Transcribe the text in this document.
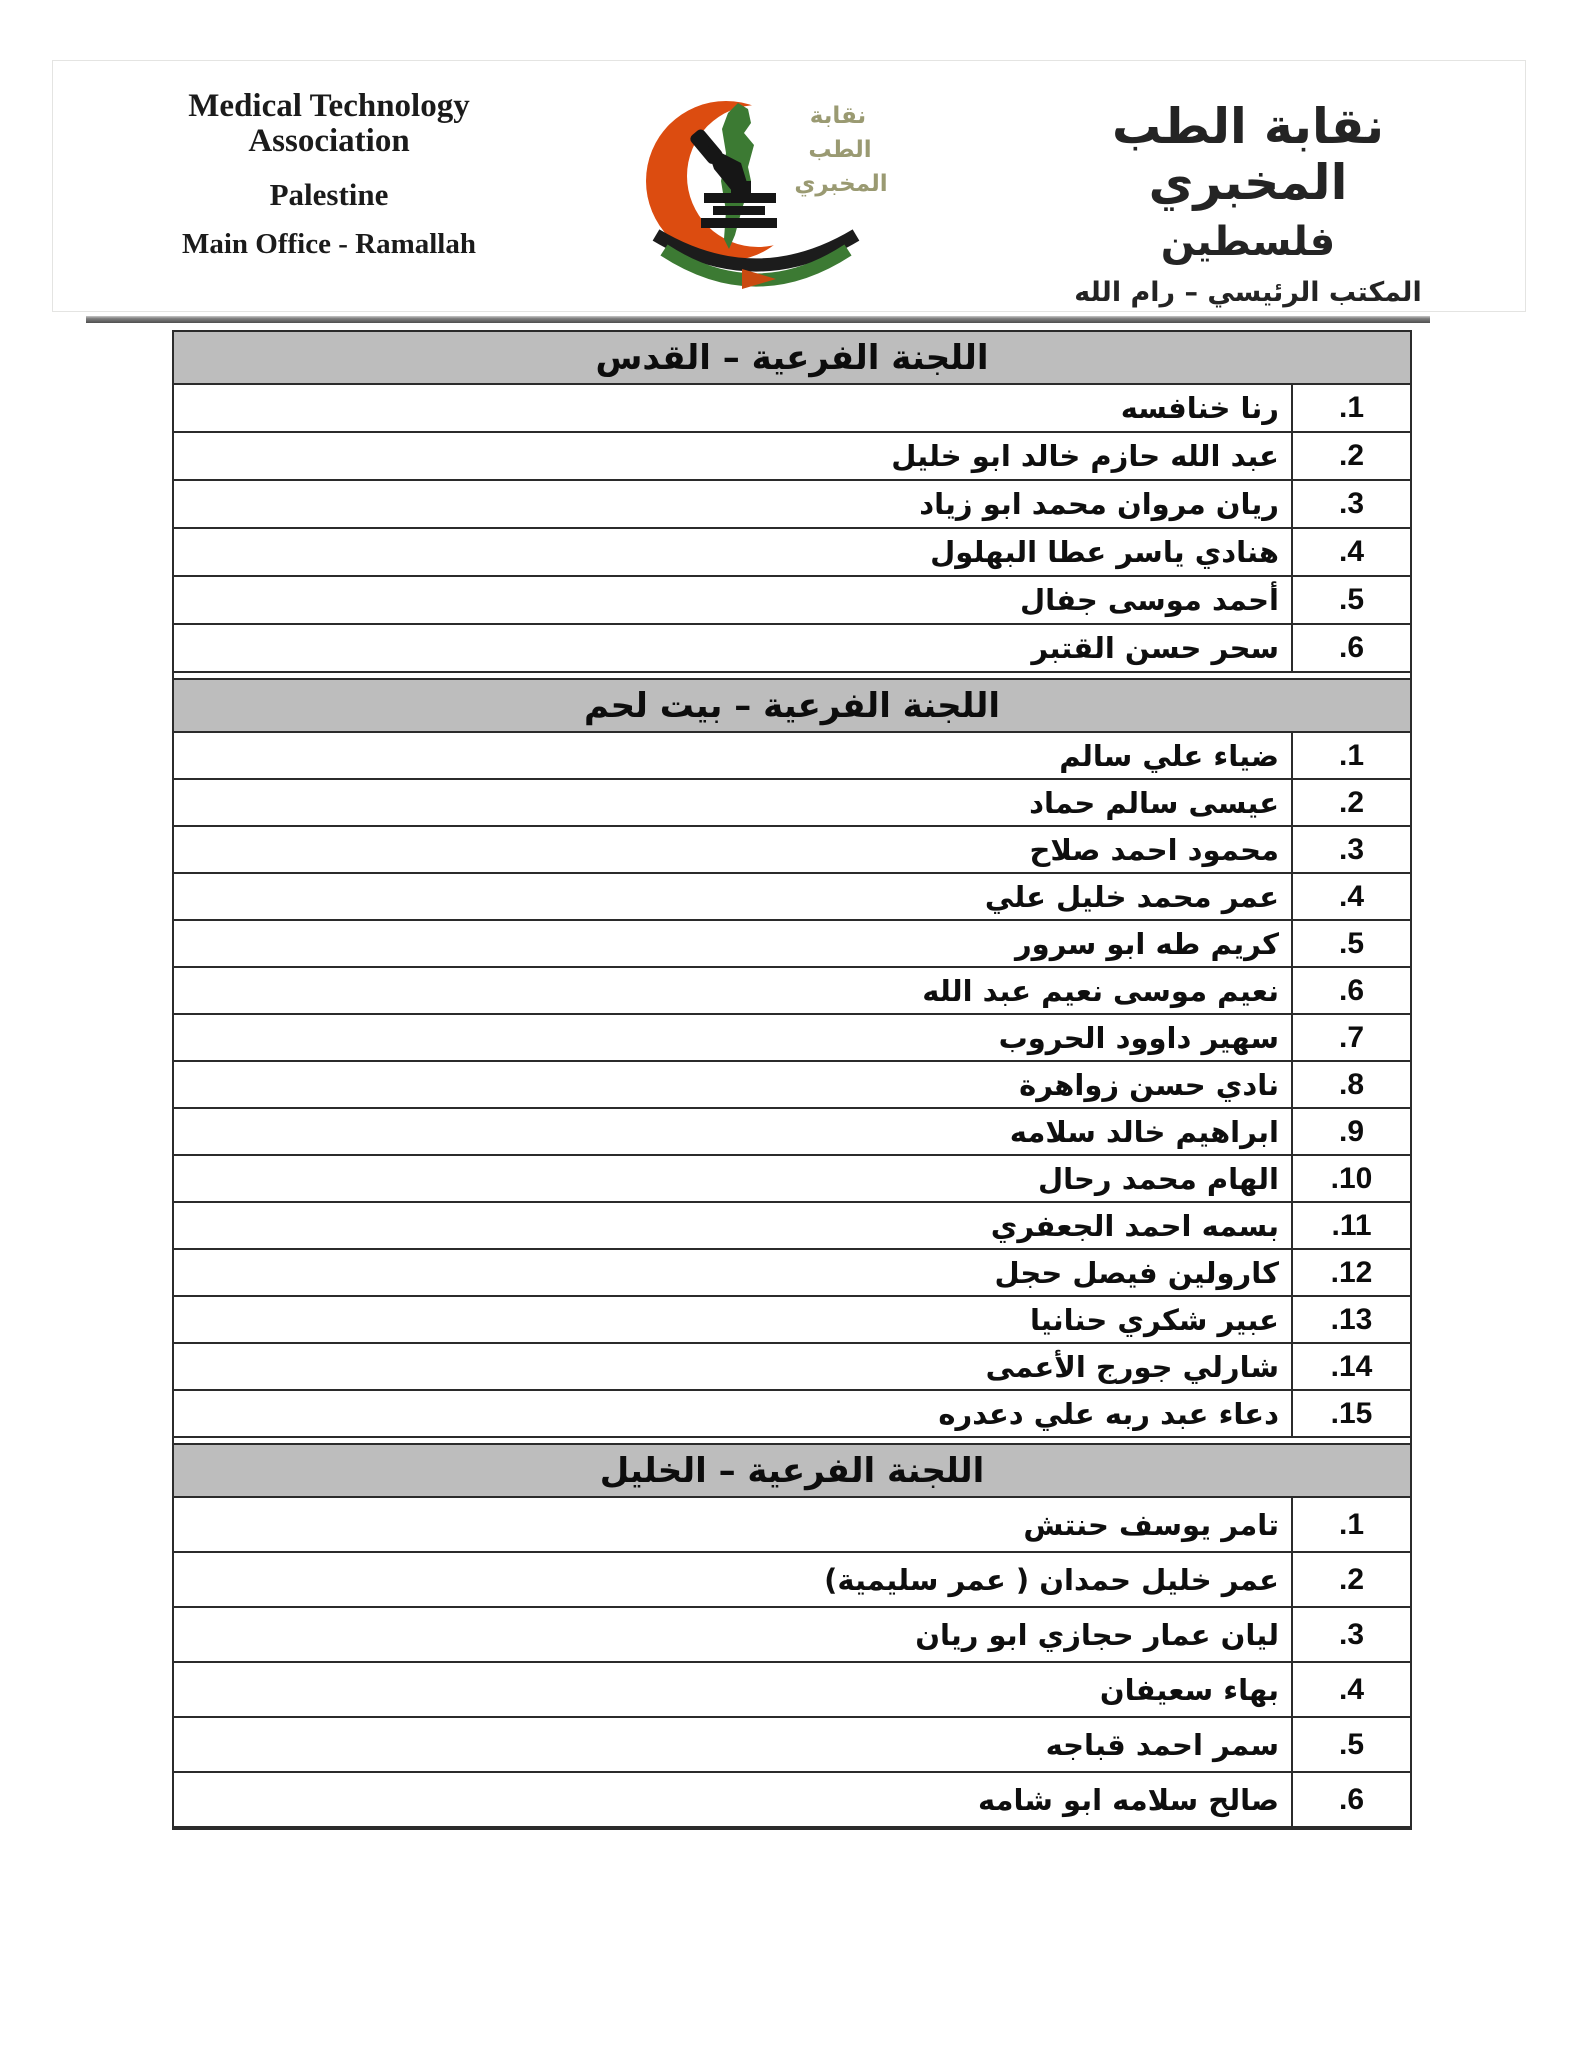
Medical Technology Association
Palestine
Main Office - Ramallah
نقابة
الطب
المخبري
نقابة الطب المخبري
فلسطين
المكتب الرئيسي – رام الله
اللجنة الفرعية – القدس
1.
رنا خنافسه
2.
عبد الله حازم خالد ابو خليل
3.
ريان مروان محمد ابو زياد
4.
هنادي ياسر عطا البهلول
5.
أحمد موسى جفال
6.
سحر حسن القتبر
اللجنة الفرعية – بيت لحم
1.
ضياء علي سالم
2.
عيسى سالم حماد
3.
محمود احمد صلاح
4.
عمر محمد خليل علي
5.
كريم طه ابو سرور
6.
نعيم موسى نعيم عبد الله
7.
سهير داوود الحروب
8.
نادي حسن زواهرة
9.
ابراهيم خالد سلامه
10.
الهام محمد رحال
11.
بسمه احمد الجعفري
12.
كارولين فيصل حجل
13.
عبير شكري حنانيا
14.
شارلي جورج الأعمى
15.
دعاء عبد ربه علي دعدره
اللجنة الفرعية – الخليل
1.
تامر يوسف حنتش
2.
عمر خليل حمدان ( عمر سليمية)
3.
ليان عمار حجازي ابو ريان
4.
بهاء سعيفان
5.
سمر احمد قباجه
6.
صالح سلامه ابو شامه
